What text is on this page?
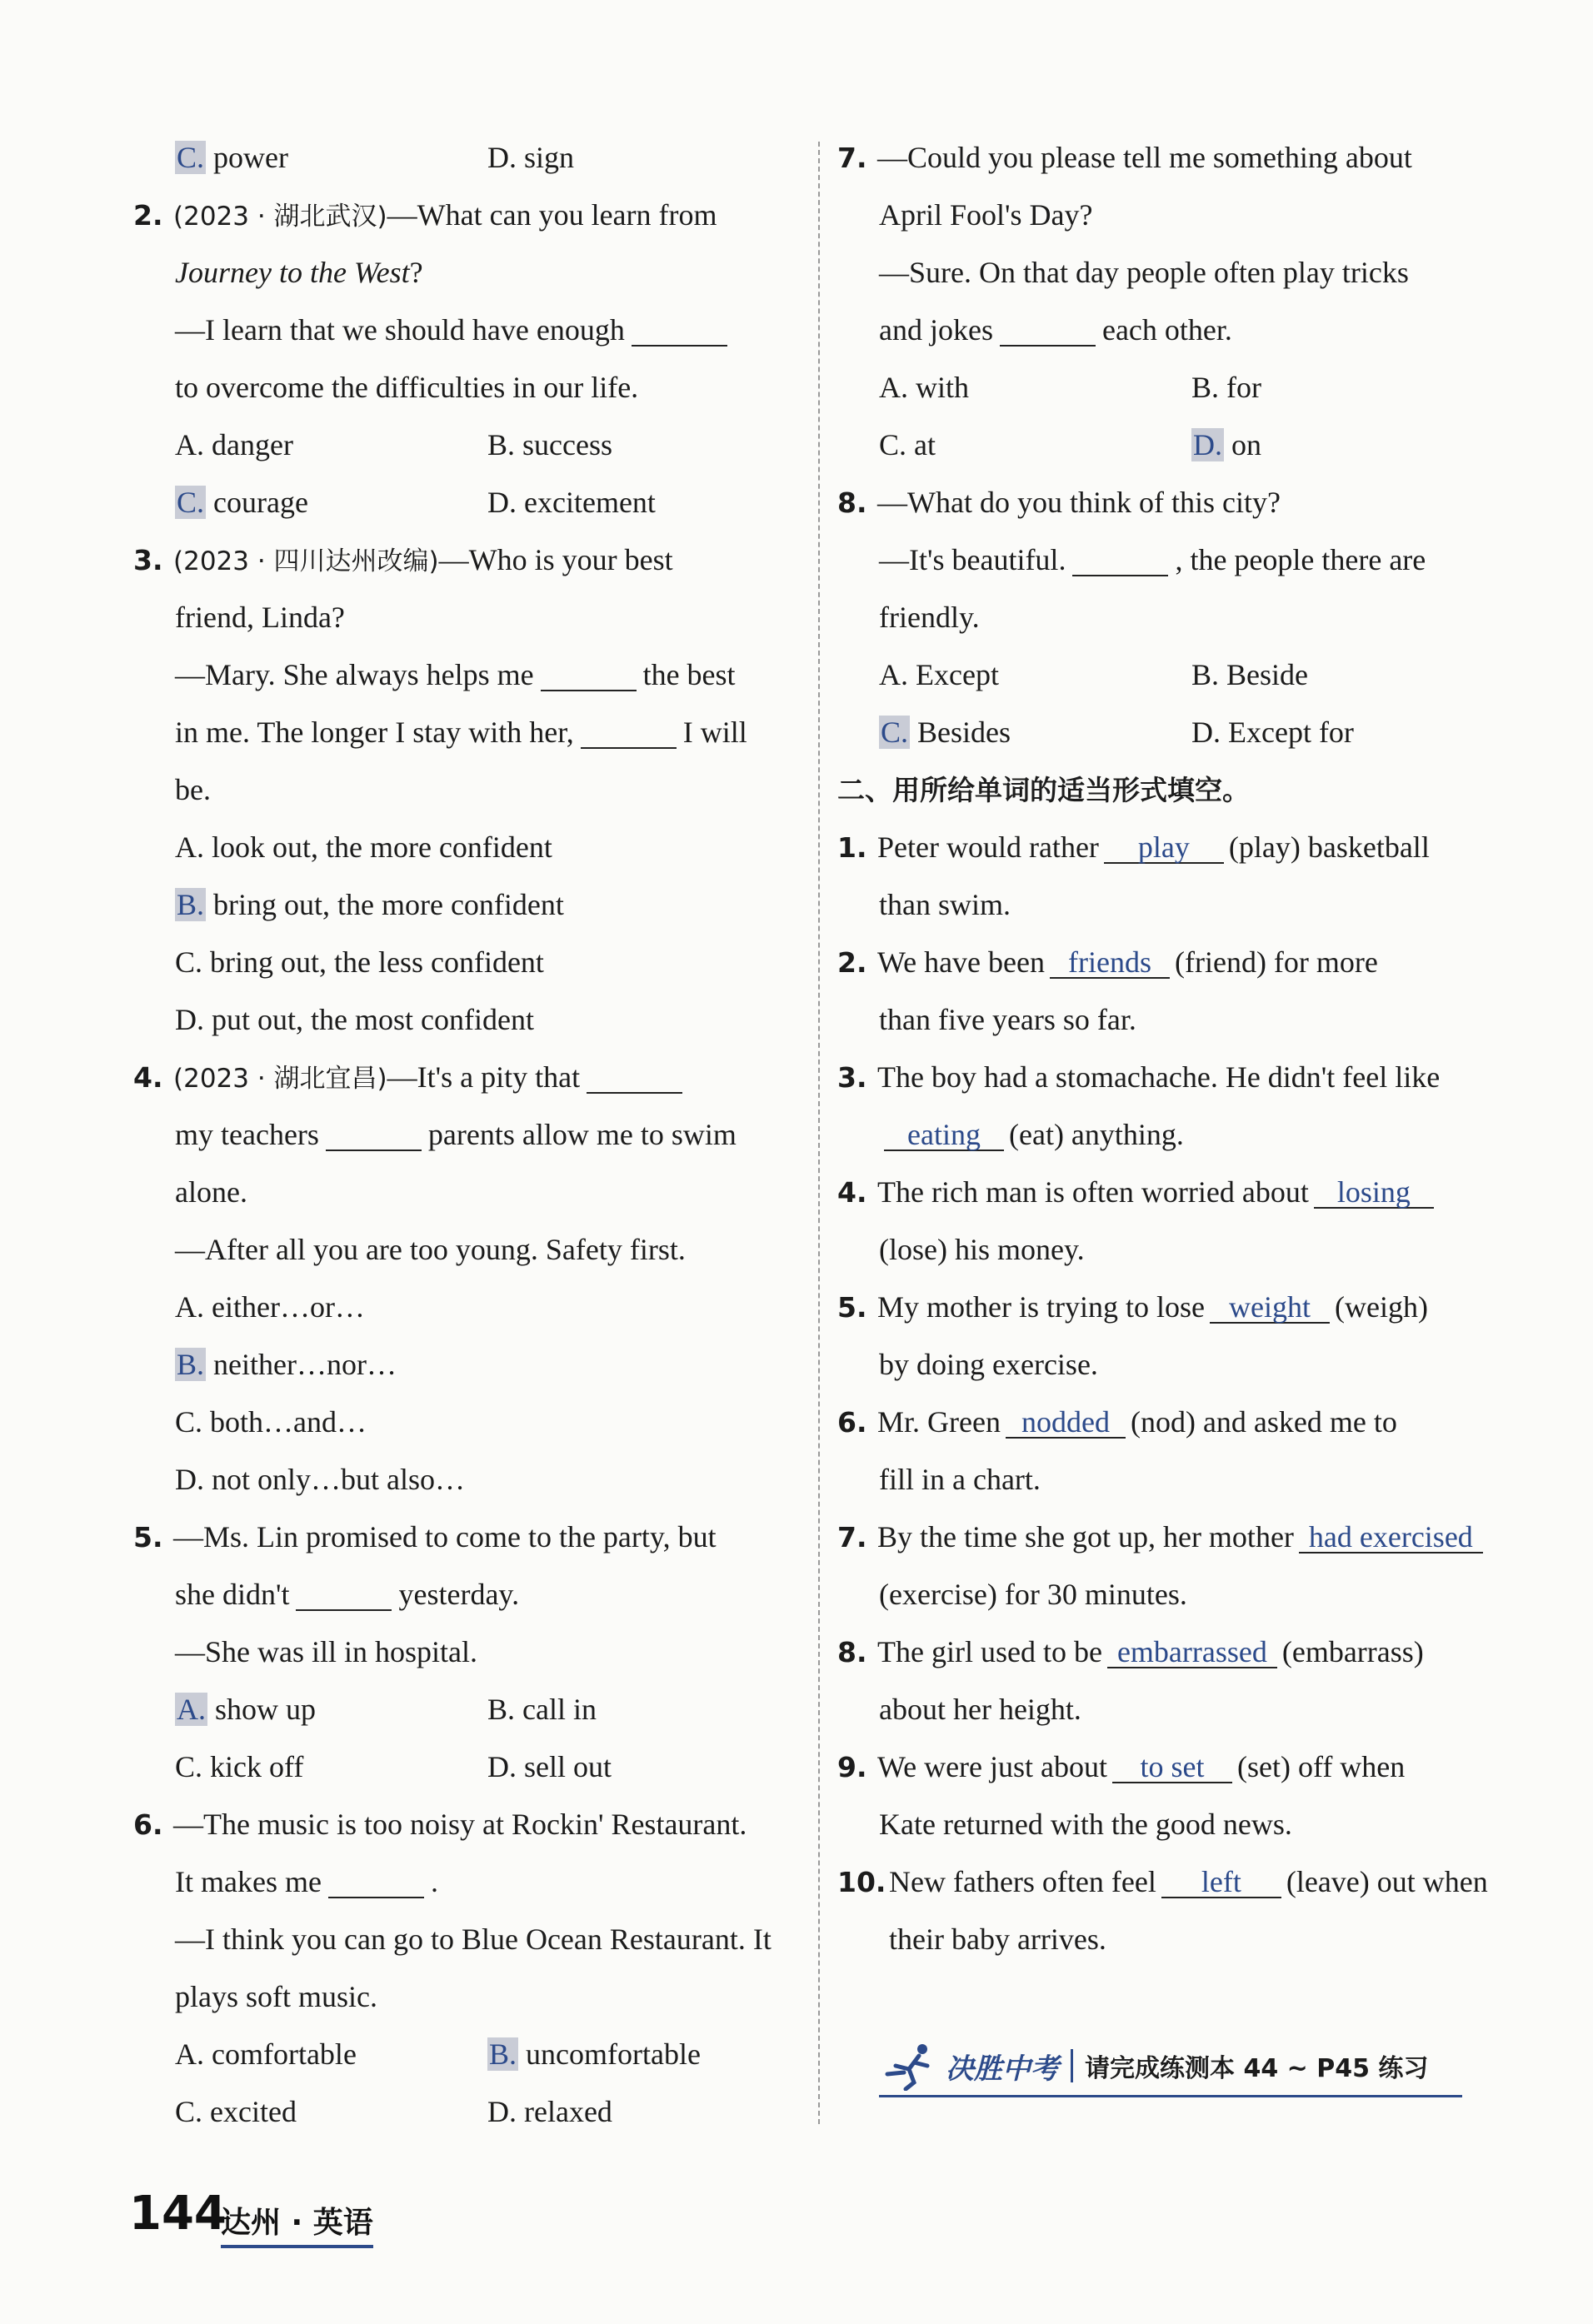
C. power	D. sign
2. (2023 · 湖北武汉)—What can you learn from
Journey to the West?
—I learn that we should have enough
to overcome the difficulties in our life.
A. danger	B. success
C. courage	D. excitement
3. (2023 · 四川达州改编)—Who is your best
friend, Linda?
—Mary. She always helps me	the best
in me. The longer I stay with her,	I will
be.
A. look out, the more confident
B. bring out, the more confident
C. bring out, the less confident
D. put out, the most confident
4. (2023 · 湖北宜昌)—It's a pity that
my teachers	parents allow me to swim
alone.
—After all you are too young. Safety first.
A. either…or…
B. neither…nor…
C. both…and…
D. not only…but also…
5. —Ms. Lin promised to come to the party, but
she didn't	yesterday.
—She was ill in hospital.
A. show up	B. call in
C. kick off	D. sell out
6. —The music is too noisy at Rockin' Restaurant.
It makes me	.
—I think you can go to Blue Ocean Restaurant. It
plays soft music.
A. comfortable	B. uncomfortable
C. excited	D. relaxed
7. —Could you please tell me something about
April Fool's Day?
—Sure. On that day people often play tricks
and jokes	each other.
A. with	B. for
C. at	D. on
8. —What do you think of this city?
—It's beautiful.	, the people there are
friendly.
A. Except	B. Beside
C. Besides	D. Except for
二、用所给单词的适当形式填空。
1. Peter would rather play (play) basketball
than swim.
2. We have been friends (friend) for more
than five years so far.
3. The boy had a stomachache. He didn't feel like
eating (eat) anything.
4. The rich man is often worried about losing
(lose) his money.
5. My mother is trying to lose weight (weigh)
by doing exercise.
6. Mr. Green nodded (nod) and asked me to
fill in a chart.
7. By the time she got up, her mother had exercised
(exercise) for 30 minutes.
8. The girl used to be embarrassed (embarrass)
about her height.
9. We were just about to set (set) off when
Kate returned with the good news.
10.New fathers often feel left (leave) out when
their baby arrives.
决胜中考 请完成练测本 44 ~ P45 练习
144
达州 · 英语
